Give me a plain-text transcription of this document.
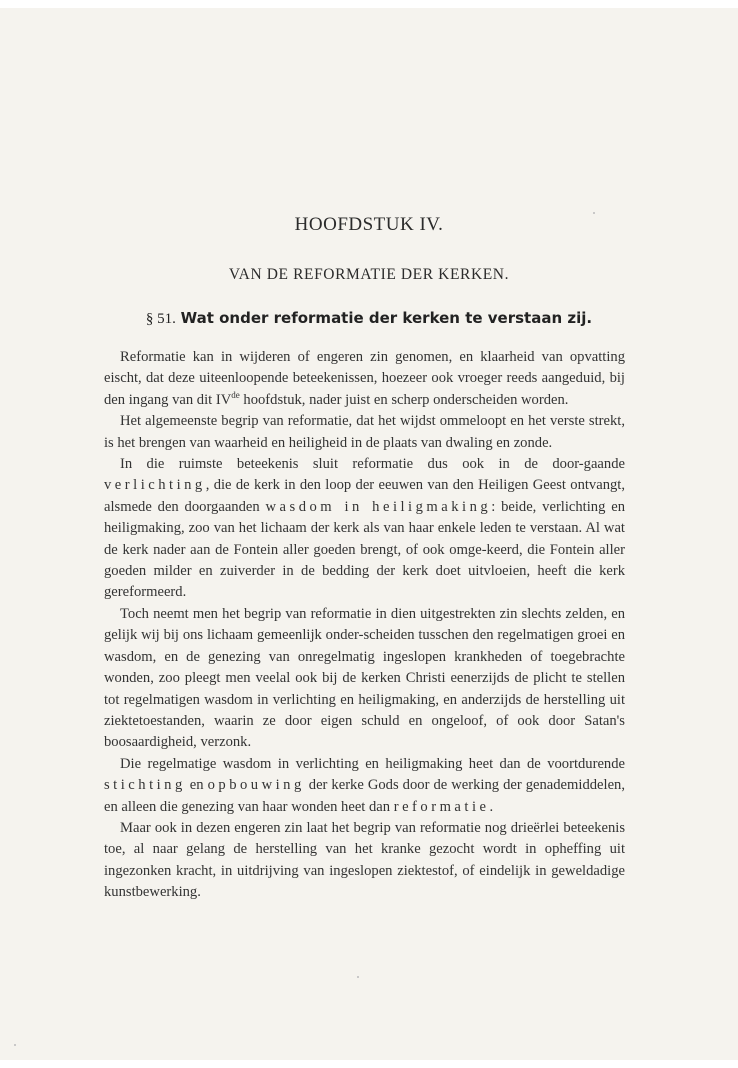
HOOFDSTUK IV.
VAN DE REFORMATIE DER KERKEN.
§ 51. Wat onder reformatie der kerken te verstaan zij.

Reformatie kan in wijderen of engeren zin genomen, en klaarheid van opvatting eischt, dat deze uiteenloopende beteekenissen, hoezeer ook vroeger reeds aangeduid, bij den ingang van dit IVde hoofdstuk, nader juist en scherp onderscheiden worden.

Het algemeenste begrip van reformatie, dat het wijdst ommeloopt en het verste strekt, is het brengen van waarheid en heiligheid in de plaats van dwaling en zonde.

In die ruimste beteekenis sluit reformatie dus ook in de door-gaande verlichting, die de kerk in den loop der eeuwen van den Heiligen Geest ontvangt, alsmede den doorgaanden wasdom in heiligmaking: beide, verlichting en heiligmaking, zoo van het lichaam der kerk als van haar enkele leden te verstaan. Al wat de kerk nader aan de Fontein aller goeden brengt, of ook omge-keerd, die Fontein aller goeden milder en zuiverder in de bedding der kerk doet uitvloeien, heeft die kerk gereformeerd.

Toch neemt men het begrip van reformatie in dien uitgestrekten zin slechts zelden, en gelijk wij bij ons lichaam gemeenlijk onder-scheiden tusschen den regelmatigen groei en wasdom, en de genezing van onregelmatig ingeslopen krankheden of toegebrachte wonden, zoo pleegt men veelal ook bij de kerken Christi eenerzijds de plicht te stellen tot regelmatigen wasdom in verlichting en heiligmaking, en anderzijds de herstelling uit ziektetoestanden, waarin ze door eigen schuld en ongeloof, of ook door Satan's boosaardigheid, verzonk.

Die regelmatige wasdom in verlichting en heiligmaking heet dan de voortdurende stichting en opbouwing der kerke Gods door de werking der genademiddelen, en alleen die genezing van haar wonden heet dan reformatie.

Maar ook in dezen engeren zin laat het begrip van reformatie nog drieërlei beteekenis toe, al naar gelang de herstelling van het kranke gezocht wordt in opheffing uit ingezonken kracht, in uitdrijving van ingeslopen ziektestof, of eindelijk in geweldadige kunstbewerking.
